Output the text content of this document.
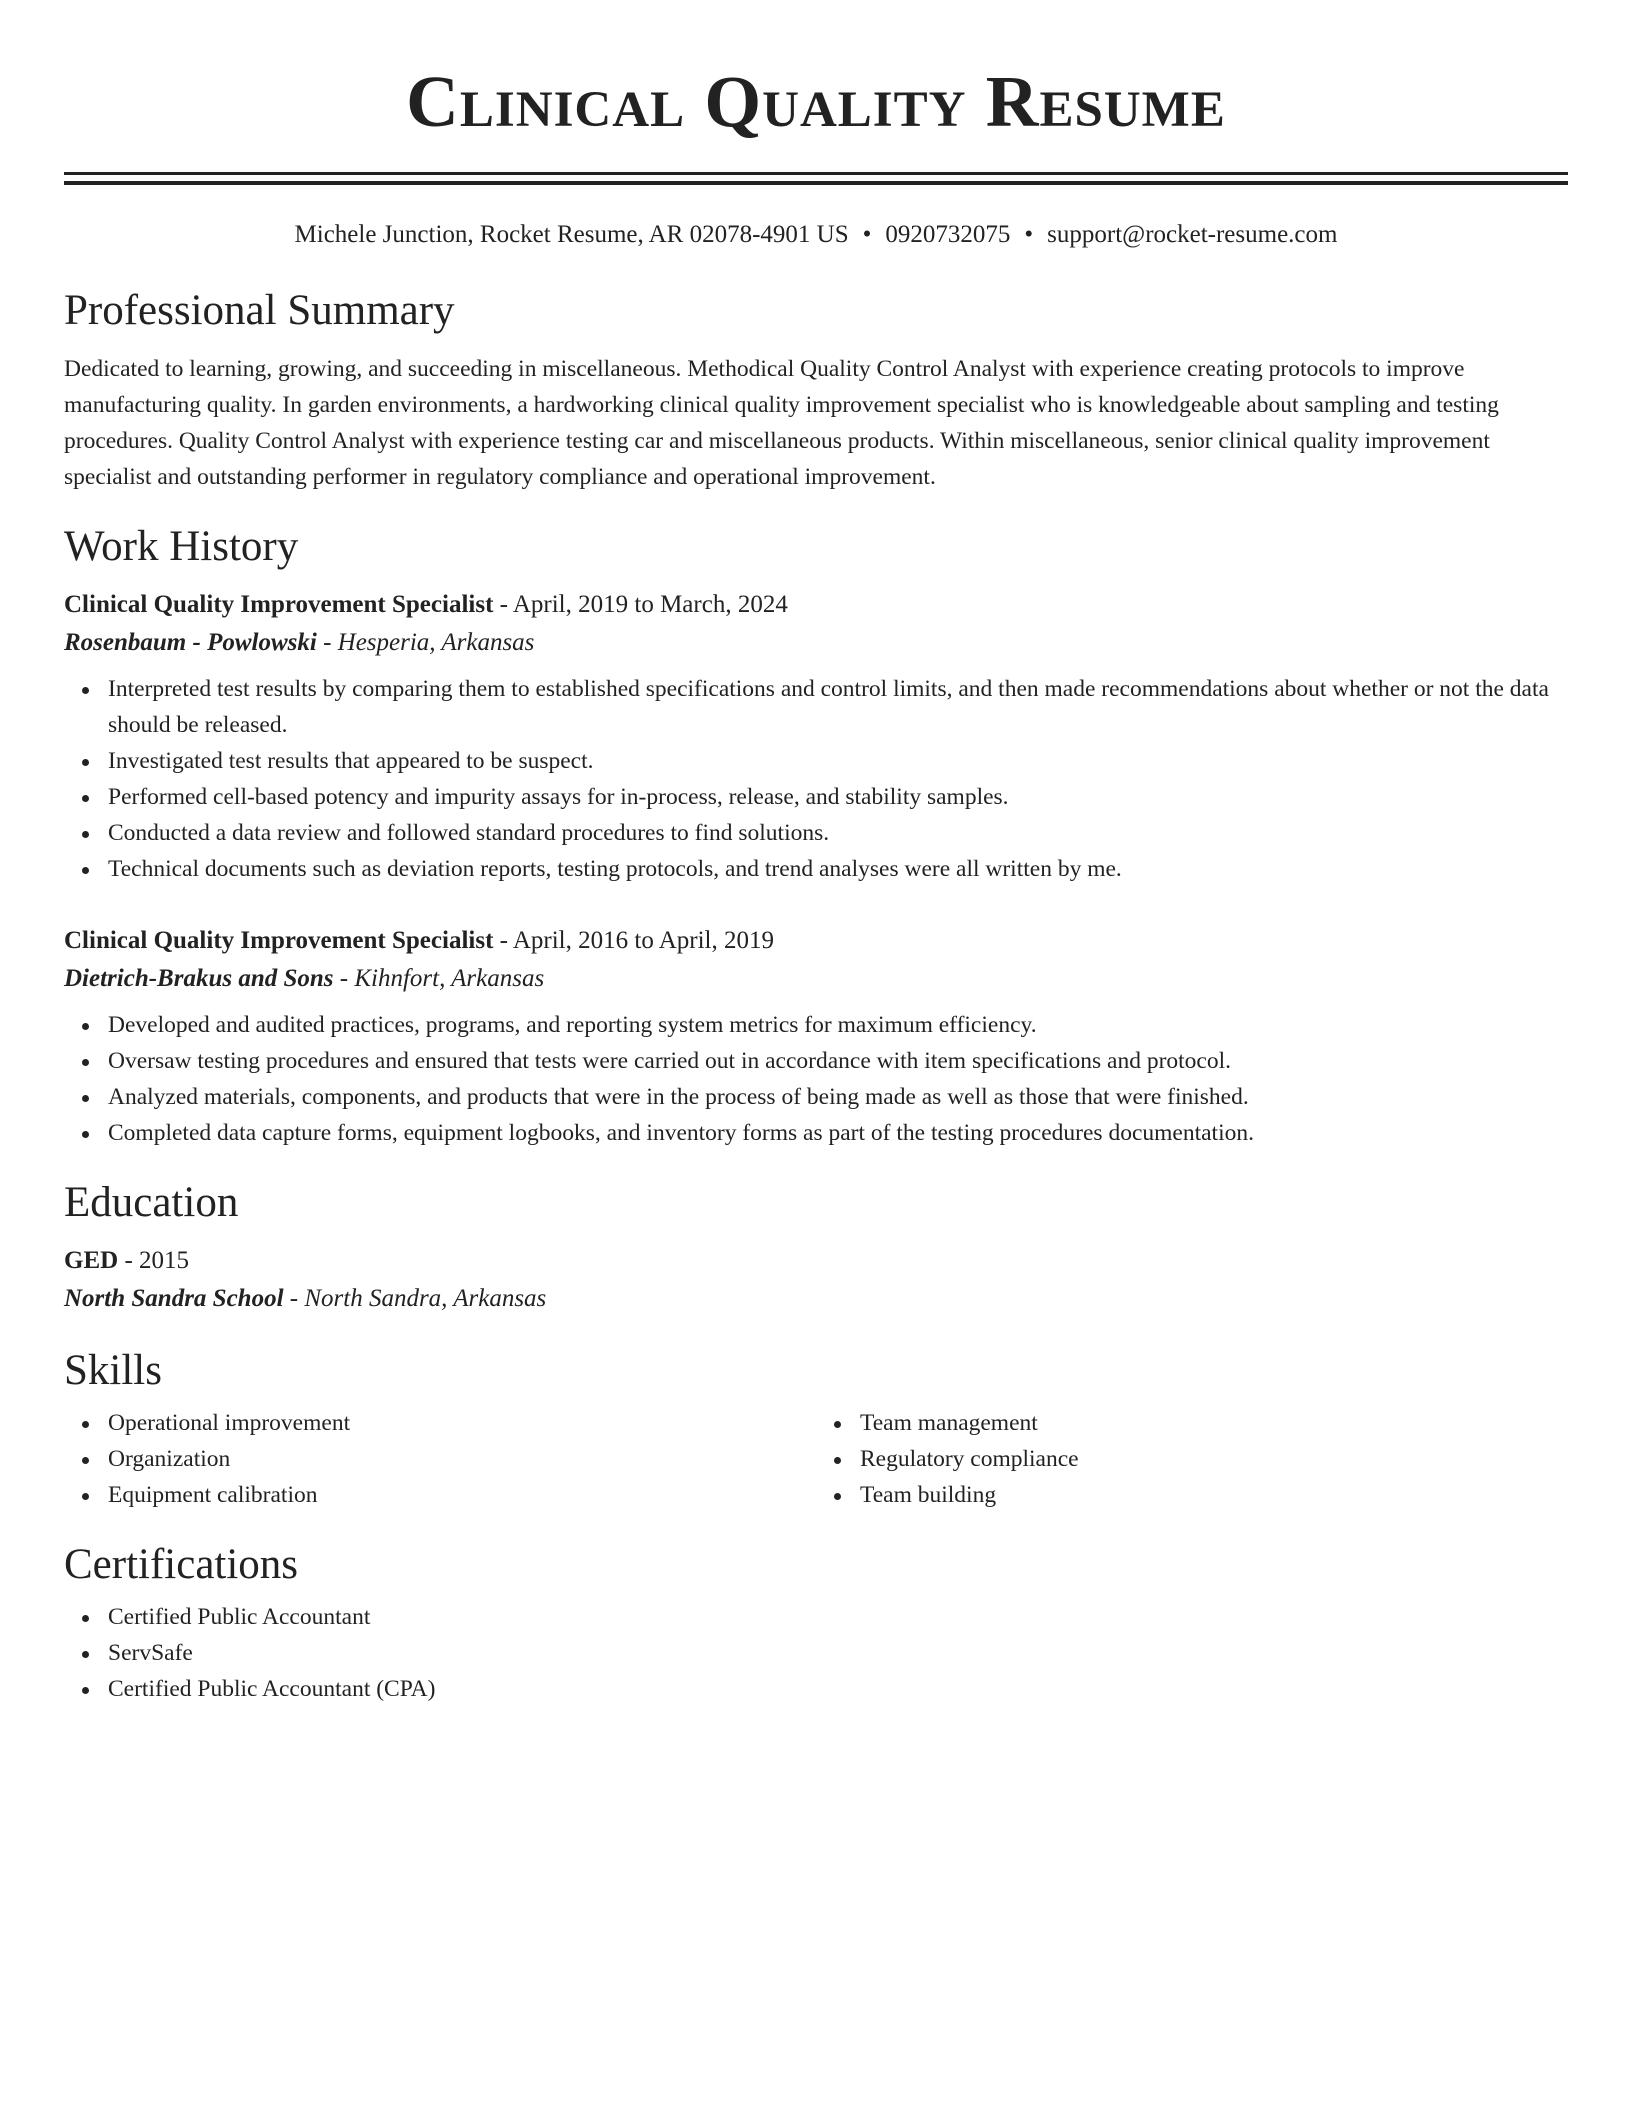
Clinical Quality Resume
Michele Junction, Rocket Resume, AR 02078-4901 US • 0920732075 • support@rocket-resume.com
Professional Summary

Dedicated to learning, growing, and succeeding in miscellaneous. Methodical Quality Control Analyst with experience creating protocols to improve manufacturing quality. In garden environments, a hardworking clinical quality improvement specialist who is knowledgeable about sampling and testing procedures. Quality Control Analyst with experience testing car and miscellaneous products. Within miscellaneous, senior clinical quality improvement specialist and outstanding performer in regulatory compliance and operational improvement.

Work History
Clinical Quality Improvement Specialist - April, 2019 to March, 2024
Rosenbaum - Powlowski - Hesperia, Arkansas
Interpreted test results by comparing them to established specifications and control limits, and then made recommendations about whether or not the data should be released.
Investigated test results that appeared to be suspect.
Performed cell-based potency and impurity assays for in-process, release, and stability samples.
Conducted a data review and followed standard procedures to find solutions.
Technical documents such as deviation reports, testing protocols, and trend analyses were all written by me.
Clinical Quality Improvement Specialist - April, 2016 to April, 2019
Dietrich-Brakus and Sons - Kihnfort, Arkansas
Developed and audited practices, programs, and reporting system metrics for maximum efficiency.
Oversaw testing procedures and ensured that tests were carried out in accordance with item specifications and protocol.
Analyzed materials, components, and products that were in the process of being made as well as those that were finished.
Completed data capture forms, equipment logbooks, and inventory forms as part of the testing procedures documentation.
Education
GED - 2015
North Sandra School - North Sandra, Arkansas
Skills
Operational improvement
Organization
Equipment calibration
Team management
Regulatory compliance
Team building
Certifications
Certified Public Accountant
ServSafe
Certified Public Accountant (CPA)
